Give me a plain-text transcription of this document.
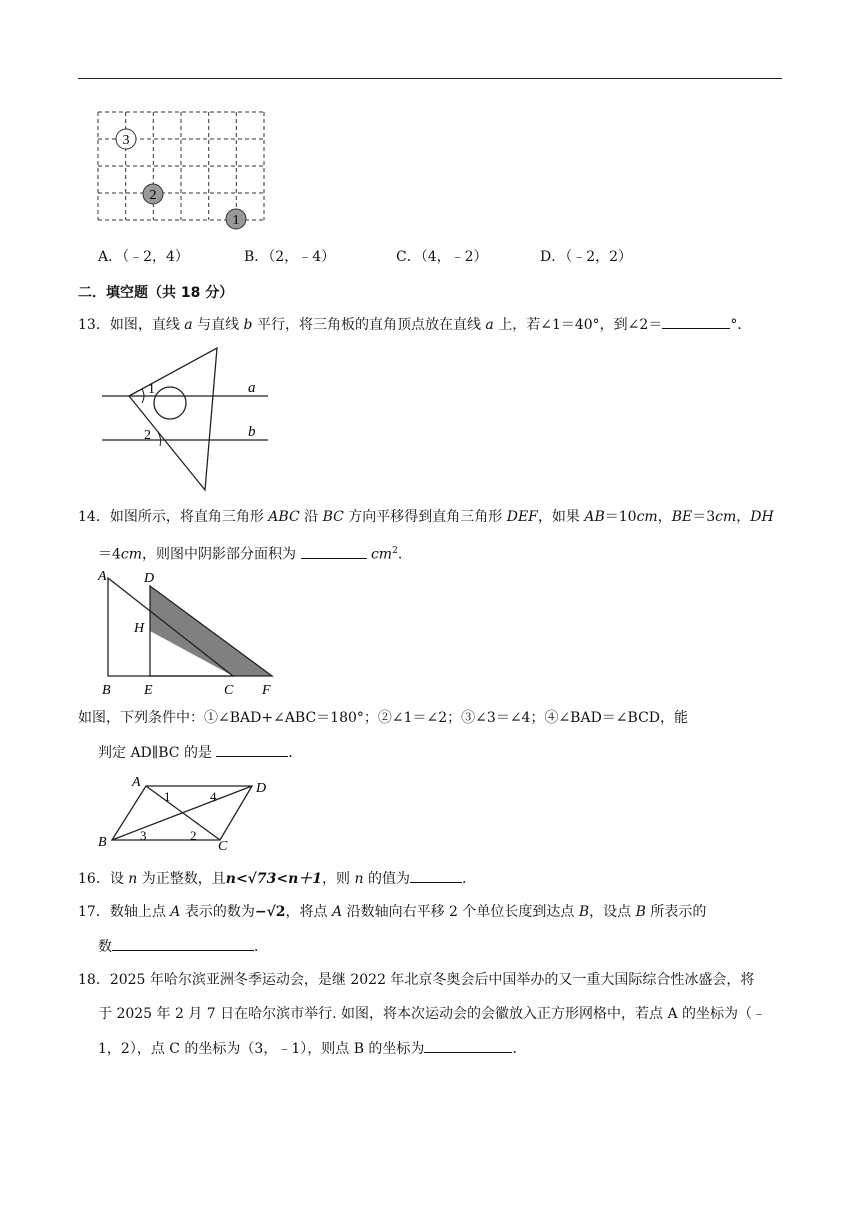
3
2
1
A．（﹣2，4）	B．（2，﹣4）	C．（4，﹣2）	D．（﹣2，2）
二．填空题（共 18 分）
13．如图，直线 a 与直线 b 平行，将三角板的直角顶点放在直线 a 上，若∠1＝40°，到∠2＝	°．
1
2
a
b
14．如图所示，将直角三角形 ABC 沿 BC 方向平移得到直角三角形 DEF，如果 AB＝10cm，BE＝3cm，DH
＝4cm，则图中阴影部分面积为	$cm^2$.
A	D
H
B E	C F
如图，下列条件中：①∠BAD+∠ABC＝180°；②∠1＝∠2；③∠3＝∠4；④∠BAD＝∠BCD，能
判定 AD∥BC 的是	．
A	D
B	C
1	4
3	2
16．设 n 为正整数，且n<√73<n＋1，则 n 的值为	．
17．数轴上点 A 表示的数为−√2，将点 A 沿数轴向右平移 2 个单位长度到达点 B，设点 B 所表示的
数	．
18．2025 年哈尔滨亚洲冬季运动会，是继 2022 年北京冬奥会后中国举办的又一重大国际综合性冰盛会，将
于 2025 年 2 月 7 日在哈尔滨市举行. 如图，将本次运动会的会徽放入正方形网格中，若点 A 的坐标为（﹣
1，2），点 C 的坐标为（3，﹣1），则点 B 的坐标为	．
